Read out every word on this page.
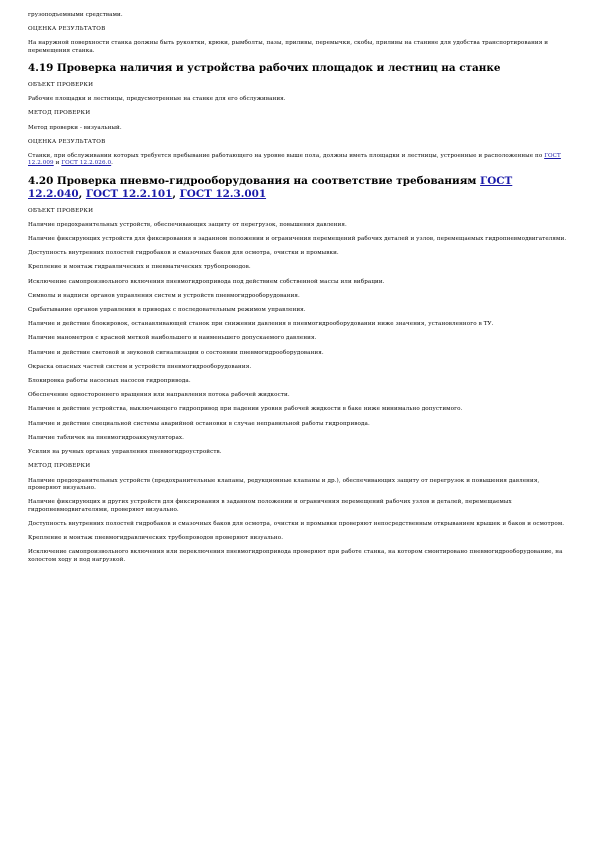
грузоподъемными средствами.
ОЦЕНКА РЕЗУЛЬТАТОВ
На наружной поверхности станка должны быть рукоятки, крюки, рымболты, пазы, приливы, перемычки, скобы, приливы на станине для удобства транспортирования и перемещения станка.
4.19 Проверка наличия и устройства рабочих площадок и лестниц на станке
ОБЪЕКТ ПРОВЕРКИ
Рабочие площадки и лестницы, предусмотренные на станке для его обслуживания.
МЕТОД ПРОВЕРКИ
Метод проверки - визуальный.
ОЦЕНКА РЕЗУЛЬТАТОВ
Станки, при обслуживании которых требуется пребывание работающего на уровне выше пола, должны иметь площадки и лестницы, устроенные и расположенные по ГОСТ 12.2.009 и ГОСТ 12.2.026.0.
4.20 Проверка пневмо-гидрооборудования на соответствие требованиям ГОСТ 12.2.040, ГОСТ 12.2.101, ГОСТ 12.3.001
ОБЪЕКТ ПРОВЕРКИ
Наличие предохранительных устройств, обеспечивающих защиту от перегрузок, повышения давления.
Наличие фиксирующих устройств для фиксирования в заданном положении и ограничения перемещений рабочих деталей и узлов, перемещаемых гидропневмодвигателями.
Доступность внутренних полостей гидробаков и смазочных баков для осмотра, очистки и промывки.
Крепление и монтаж гидравлических и пневматических трубопроводов.
Исключение самопроизвольного включения пневмогидропривода под действием собственной массы или вибрации.
Символы и надписи органов управления систем и устройств пневмогидрооборудования.
Срабатывание органов управления в приводах с последовательным режимом управления.
Наличие и действие блокировок, останавливающей станок при снижении давления в пневмогидрооборудовании ниже значения, установленного в ТУ.
Наличие манометров с красной меткой наибольшего и наименьшего допускаемого давления.
Наличие и действие световой и звуковой сигнализации о состоянии пневмогидрооборудования.
Окраска опасных частей систем и устройств пневмогидрооборудования.
Блокировка работы насосных насосов гидропривода.
Обеспечение одностороннего вращения или направления потока рабочей жидкости.
Наличие и действие устройства, выключающего гидропривод при падении уровня рабочей жидкости в баке ниже минимально допустимого.
Наличие и действие специальной системы аварийной остановки в случае неправильной работы гидропривода.
Наличие табличек на пневмогидроаккумуляторах.
Усилия на ручных органах управления пневмогидроустройств.
МЕТОД ПРОВЕРКИ
Наличие предохранительных устройств (предохранительные клапаны, редукционные клапаны и др.), обеспечивающих защиту от перегрузок и повышения давления, проверяют визуально.
Наличие фиксирующих и других устройств для фиксирования в заданном положении и ограничения перемещений рабочих узлов и деталей, перемещаемых гидропневмодвигателями, проверяют визуально.
Доступность внутренних полостей гидробаков и смазочных баков для осмотра, очистки и промывки проверяют непосредственным открыванием крышек и баков и осмотром.
Крепление и монтаж пневмогидравлических трубопроводов проверяют визуально.
Исключение самопроизвольного включения или переключения пневмогидропривода проверяют при работе станка, на котором смонтировано пневмогидрооборудование, на холостом ходу и под нагрузкой.
